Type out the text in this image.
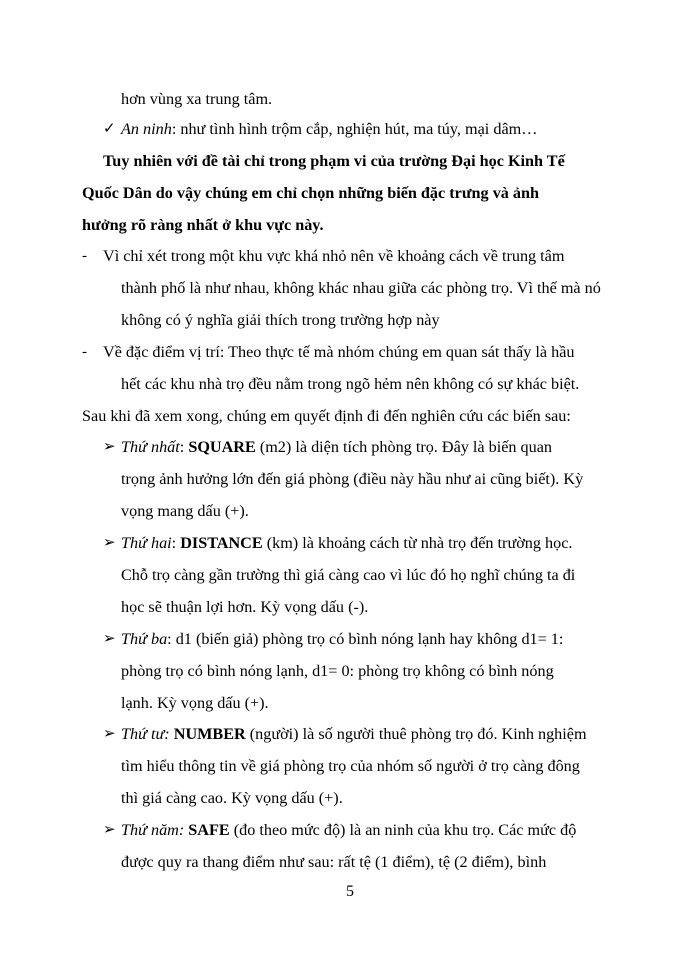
hơn vùng xa trung tâm.
✓ An ninh: như tình hình trộm cắp, nghiện hút, ma túy, mại dâm…
Tuy nhiên với đề tài chỉ trong phạm vi của trường Đại học Kinh Tế
Quốc Dân do vậy chúng em chỉ chọn những biến đặc trưng và ảnh
hưởng rõ ràng nhất ở khu vực này.
- Vì chỉ xét trong một khu vực khá nhỏ nên về khoảng cách về trung tâm
thành phố là như nhau, không khác nhau giữa các phòng trọ. Vì thế mà nó
không có ý nghĩa giải thích trong trường hợp này
- Về đặc điểm vị trí: Theo thực tế mà nhóm chúng em quan sát thấy là hầu
hết các khu nhà trọ đều nằm trong ngõ hẻm nên không có sự khác biệt.
Sau khi đã xem xong, chúng em quyết định đi đến nghiên cứu các biến sau:
➢ Thứ nhất: SQUARE (m2) là diện tích phòng trọ. Đây là biến quan
trọng ảnh hưởng lớn đến giá phòng (điều này hầu như ai cũng biết). Kỳ
vọng mang dấu (+).
➢ Thứ hai: DISTANCE (km) là khoảng cách từ nhà trọ đến trường học.
Chỗ trọ càng gần trường thì giá càng cao vì lúc đó họ nghĩ chúng ta đi
học sẽ thuận lợi hơn. Kỳ vọng dấu (-).
➢ Thứ ba: d1 (biến giả) phòng trọ có bình nóng lạnh hay không d1= 1:
phòng trọ có bình nóng lạnh, d1= 0: phòng trọ không có bình nóng
lạnh. Kỳ vọng dấu (+).
➢ Thứ tư: NUMBER (người) là số người thuê phòng trọ đó. Kinh nghiệm
tìm hiểu thông tin về giá phòng trọ của nhóm số người ở trọ càng đông
thì giá càng cao. Kỳ vọng dấu (+).
➢ Thứ năm: SAFE (đo theo mức độ) là an ninh của khu trọ. Các mức độ
được quy ra thang điểm như sau: rất tệ (1 điểm), tệ (2 điểm), bình
5
